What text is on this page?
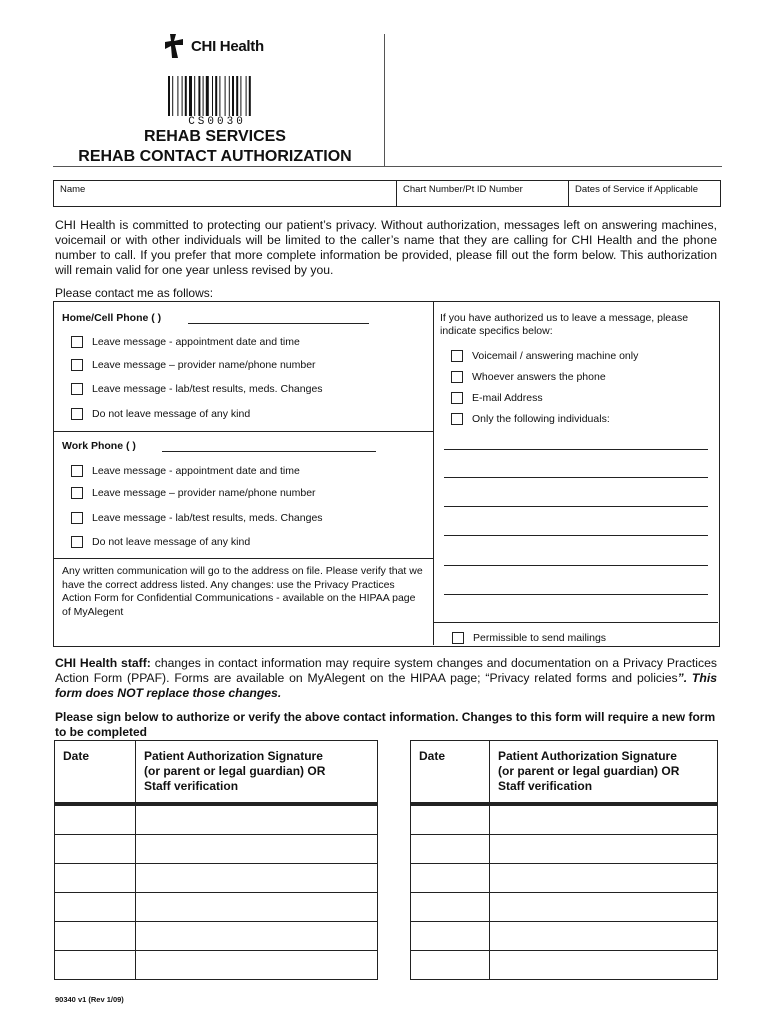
CHI Health
CS0030
REHAB SERVICES
REHAB CONTACT AUTHORIZATION
Name	Chart Number/Pt ID Number	Dates of Service if Applicable
CHI Health is committed to protecting our patient’s privacy. Without authorization, messages left on answering machines, voicemail or with other individuals will be limited to the caller’s name that they are calling for CHI Health and the phone number to call. If you prefer that more complete information be provided, please fill out the form below. This authorization will remain valid for one year unless revised by you.
Please contact me as follows:
Home/Cell Phone ( )
Leave message - appointment date and time
Leave message – provider name/phone number
Leave message - lab/test results, meds. Changes
Do not leave message of any kind
Work Phone ( )
Leave message - appointment date and time
Leave message – provider name/phone number
Leave message - lab/test results, meds. Changes
Do not leave message of any kind
Any written communication will go to the address on file. Please verify that we have the correct address listed. Any changes: use the Privacy Practices Action Form for Confidential Communications - available on the HIPAA page of MyAlegent
If you have authorized us to leave a message, please indicate specifics below:
Voicemail / answering machine only
Whoever answers the phone
E-mail Address
Only the following individuals:
Permissible to send mailings
CHI Health staff: changes in contact information may require system changes and documentation on a Privacy Practices Action Form (PPAF). Forms are available on MyAlegent on the HIPAA page; “Privacy related forms and policies”. This form does NOT replace those changes.
Please sign below to authorize or verify the above contact information. Changes to this form will require a new form to be completed
Date	Patient Authorization Signature
(or parent or legal guardian) OR
Staff verification

Date	Patient Authorization Signature
(or parent or legal guardian) OR
Staff verification

90340 v1 (Rev 1/09)
